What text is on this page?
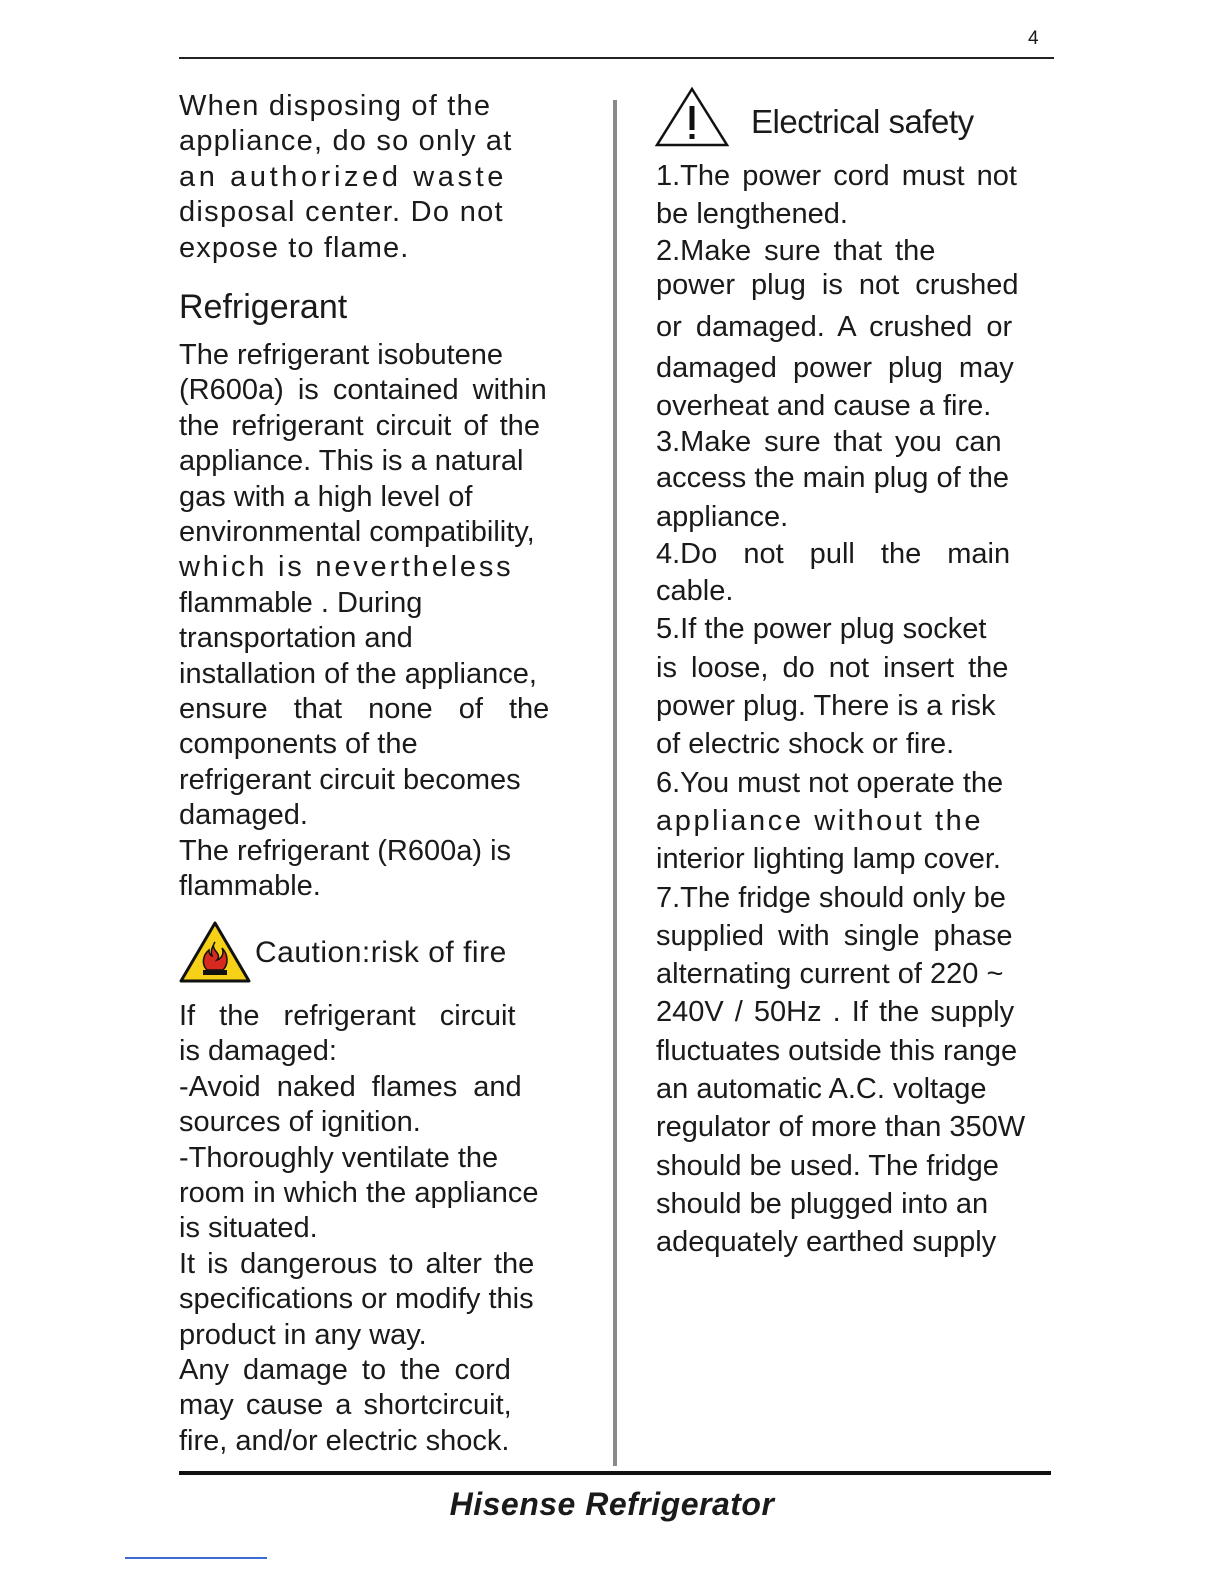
4
When disposing of the
appliance, do so only at
an authorized waste
disposal center. Do not
expose to flame.
Refrigerant
The refrigerant isobutene
(R600a) is contained within
the refrigerant circuit of the
appliance. This is a natural
gas with a high level of
environmental compatibility,
which is nevertheless
flammable . During
transportation and
installation of the appliance,
ensure that none of the
components of the
refrigerant circuit becomes
damaged.
The refrigerant (R600a) is
flammable.
Caution:risk of fire
If the refrigerant circuit
is damaged:
-Avoid naked flames and
sources of ignition.
-Thoroughly ventilate the
room in which the appliance
is situated.
It is dangerous to alter the
specifications or modify this
product in any way.
Any damage to the cord
may cause a shortcircuit,
fire, and/or electric shock.
Electrical safety
1.The power cord must not
be lengthened.
2.Make sure that the
power plug is not crushed
or damaged. A crushed or
damaged power plug may
overheat and cause a fire.
3.Make sure that you can
access the main plug of the
appliance.
4.Do not pull the main
cable.
5.If the power plug socket
is loose, do not insert the
power plug. There is a risk
of electric shock or fire.
6.You must not operate the
appliance without the
interior lighting lamp cover.
7.The fridge should only be
supplied with single phase
alternating current of 220 ~
240V / 50Hz . If the supply
fluctuates outside this range
an automatic A.C. voltage
regulator of more than 350W
should be used. The fridge
should be plugged into an
adequately earthed supply
Hisense Refrigerator
